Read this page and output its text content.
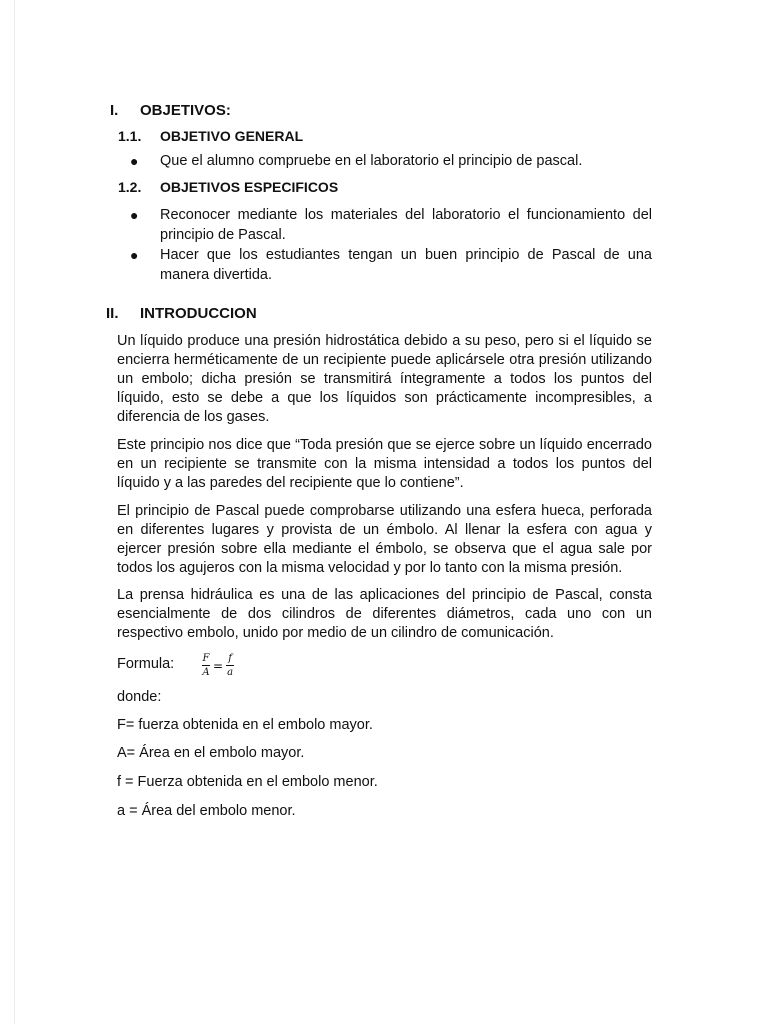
I. OBJETIVOS:
1.1. OBJETIVO GENERAL
● Que el alumno compruebe en el laboratorio el principio de pascal.
1.2. OBJETIVOS ESPECIFICOS
● Reconocer mediante los materiales del laboratorio el funcionamiento del principio de Pascal.
● Hacer que los estudiantes tengan un buen principio de Pascal de una manera divertida.
II. INTRODUCCION
Un líquido produce una presión hidrostática debido a su peso, pero si el líquido se encierra herméticamente de un recipiente puede aplicársele otra presión utilizando un embolo; dicha presión se transmitirá íntegramente a todos los puntos del líquido, esto se debe a que los líquidos son prácticamente incompresibles, a diferencia de los gases.
Este principio nos dice que “Toda presión que se ejerce sobre un líquido encerrado en un recipiente se transmite con la misma intensidad a todos los puntos del líquido y a las paredes del recipiente que lo contiene”.
El principio de Pascal puede comprobarse utilizando una esfera hueca, perforada en diferentes lugares y provista de un émbolo. Al llenar la esfera con agua y ejercer presión sobre ella mediante el émbolo, se observa que el agua sale por todos los agujeros con la misma velocidad y por lo tanto con la misma presión.
La prensa hidráulica es una de las aplicaciones del principio de Pascal, consta esencialmente de dos cilindros de diferentes diámetros, cada uno con un respectivo embolo, unido por medio de un cilindro de comunicación.
Formula:	$\frac{F}{A} = \frac{f}{a}$
donde:
F= fuerza obtenida en el embolo mayor.
A= Área en el embolo mayor.
f = Fuerza obtenida en el embolo menor.
a = Área del embolo menor.
